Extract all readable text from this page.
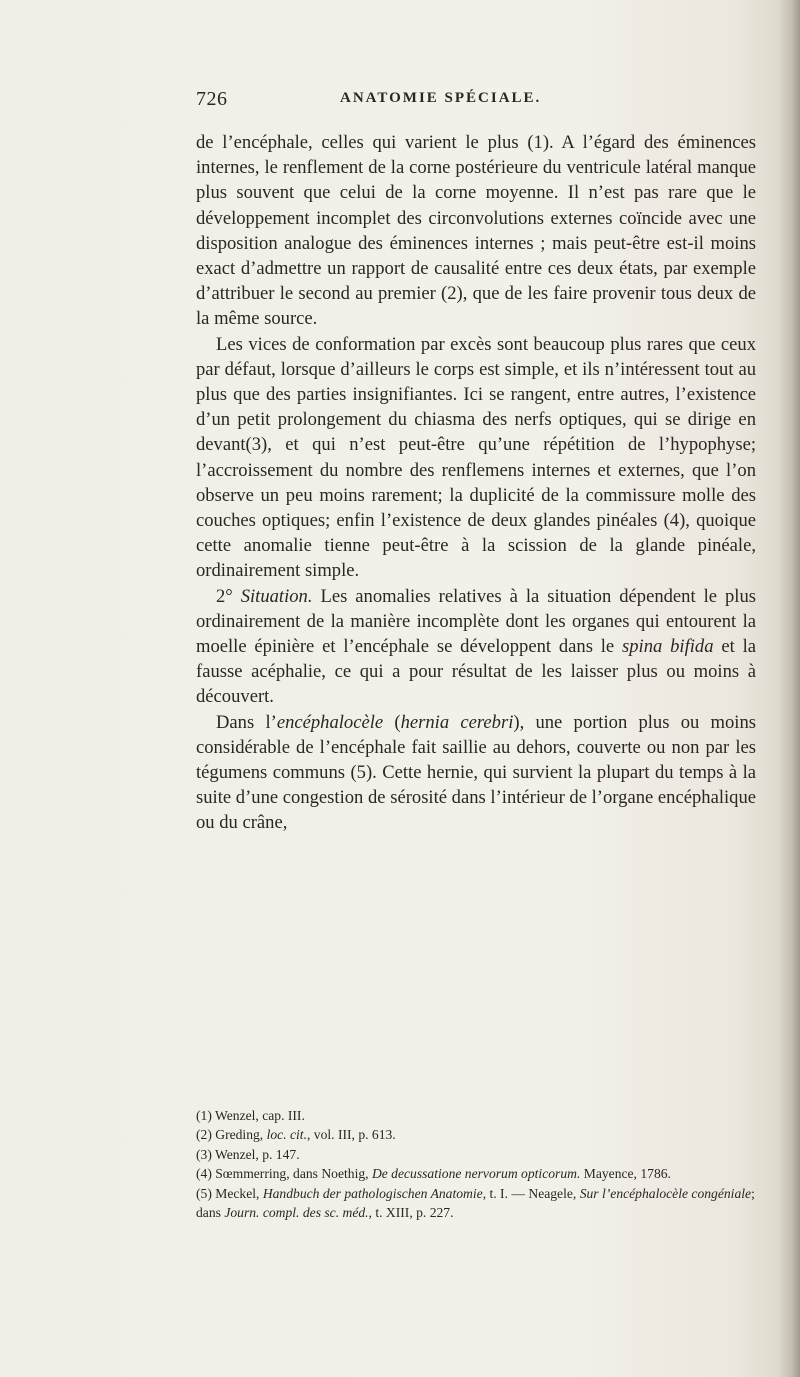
726	ANATOMIE SPÉCIALE.

de l’encéphale, celles qui varient le plus (1). A l’égard des éminences internes, le renflement de la corne postérieure du ventricule latéral manque plus souvent que celui de la corne moyenne. Il n’est pas rare que le développement incomplet des circonvolutions externes coïncide avec une disposition analogue des éminences internes ; mais peut-être est-il moins exact d’admettre un rapport de causalité entre ces deux états, par exemple d’attribuer le second au premier (2), que de les faire provenir tous deux de la même source.

Les vices de conformation par excès sont beaucoup plus rares que ceux par défaut, lorsque d’ailleurs le corps est simple, et ils n’intéressent tout au plus que des parties insignifiantes. Ici se rangent, entre autres, l’existence d’un petit prolongement du chiasma des nerfs optiques, qui se dirige en devant(3), et qui n’est peut-être qu’une répétition de l’hypophyse; l’accroissement du nombre des renflemens internes et externes, que l’on observe un peu moins rarement; la duplicité de la commissure molle des couches optiques; enfin l’existence de deux glandes pinéales (4), quoique cette anomalie tienne peut-être à la scission de la glande pinéale, ordinairement simple.

2° Situation. Les anomalies relatives à la situation dépendent le plus ordinairement de la manière incomplète dont les organes qui entourent la moelle épinière et l’encéphale se développent dans le spina bifida et la fausse acéphalie, ce qui a pour résultat de les laisser plus ou moins à découvert.

Dans l’encéphalocèle (hernia cerebri), une portion plus ou moins considérable de l’encéphale fait saillie au dehors, couverte ou non par les tégumens communs (5). Cette hernie, qui survient la plupart du temps à la suite d’une congestion de sérosité dans l’intérieur de l’organe encéphalique ou du crâne,

(1) Wenzel, cap. III.
(2) Greding, loc. cit., vol. III, p. 613.
(3) Wenzel, p. 147.
(4) Sœmmerring, dans Noethig, De decussatione nervorum opticorum. Mayence, 1786.
(5) Meckel, Handbuch der pathologischen Anatomie, t. I. — Neagele, Sur l’encéphalocèle congéniale; dans Journ. compl. des sc. méd., t. XIII, p. 227.
